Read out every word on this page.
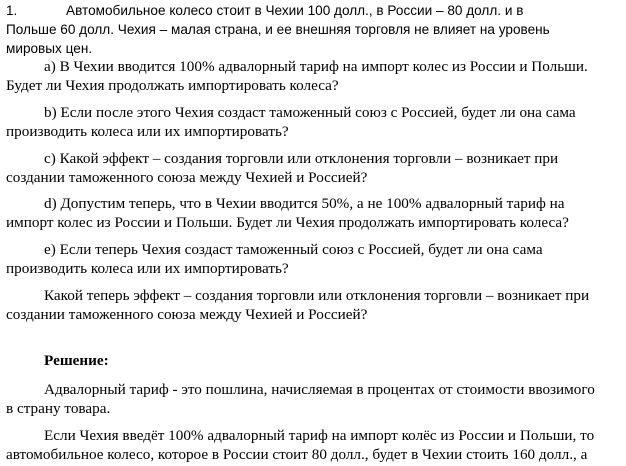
1.	Автомобильное колесо стоит в Чехии 100 долл., в России – 80 долл. и в
Польше 60 долл. Чехия – малая страна, и ее внешняя торговля не влияет на уровень
мировых цен.
а) В Чехии вводится 100% адвалорный тариф на импорт колес из России и Польши.
Будет ли Чехия продолжать импортировать колеса?
b) Если после этого Чехия создаст таможенный союз с Россией, будет ли она сама
производить колеса или их импортировать?
с) Какой эффект – создания торговли или отклонения торговли – возникает при
создании таможенного союза между Чехией и Россией?
d) Допустим теперь, что в Чехии вводится 50%, а не 100% адвалорный тариф на
импорт колес из России и Польши. Будет ли Чехия продолжать импортировать колеса?
е) Если теперь Чехия создаст таможенный союз с Россией, будет ли она сама
производить колеса или их импортировать?
Какой теперь эффект – создания торговли или отклонения торговли – возникает при
создании таможенного союза между Чехией и Россией?
Решение:
Адвалорный тариф - это пошлина, начисляемая в процентах от стоимости ввозимого
в страну товара.
Если Чехия введёт 100% адвалорный тариф на импорт колёс из России и Польши, то
автомобильное колесо, которое в России стоит 80 долл., будет в Чехии стоить 160 долл., а
